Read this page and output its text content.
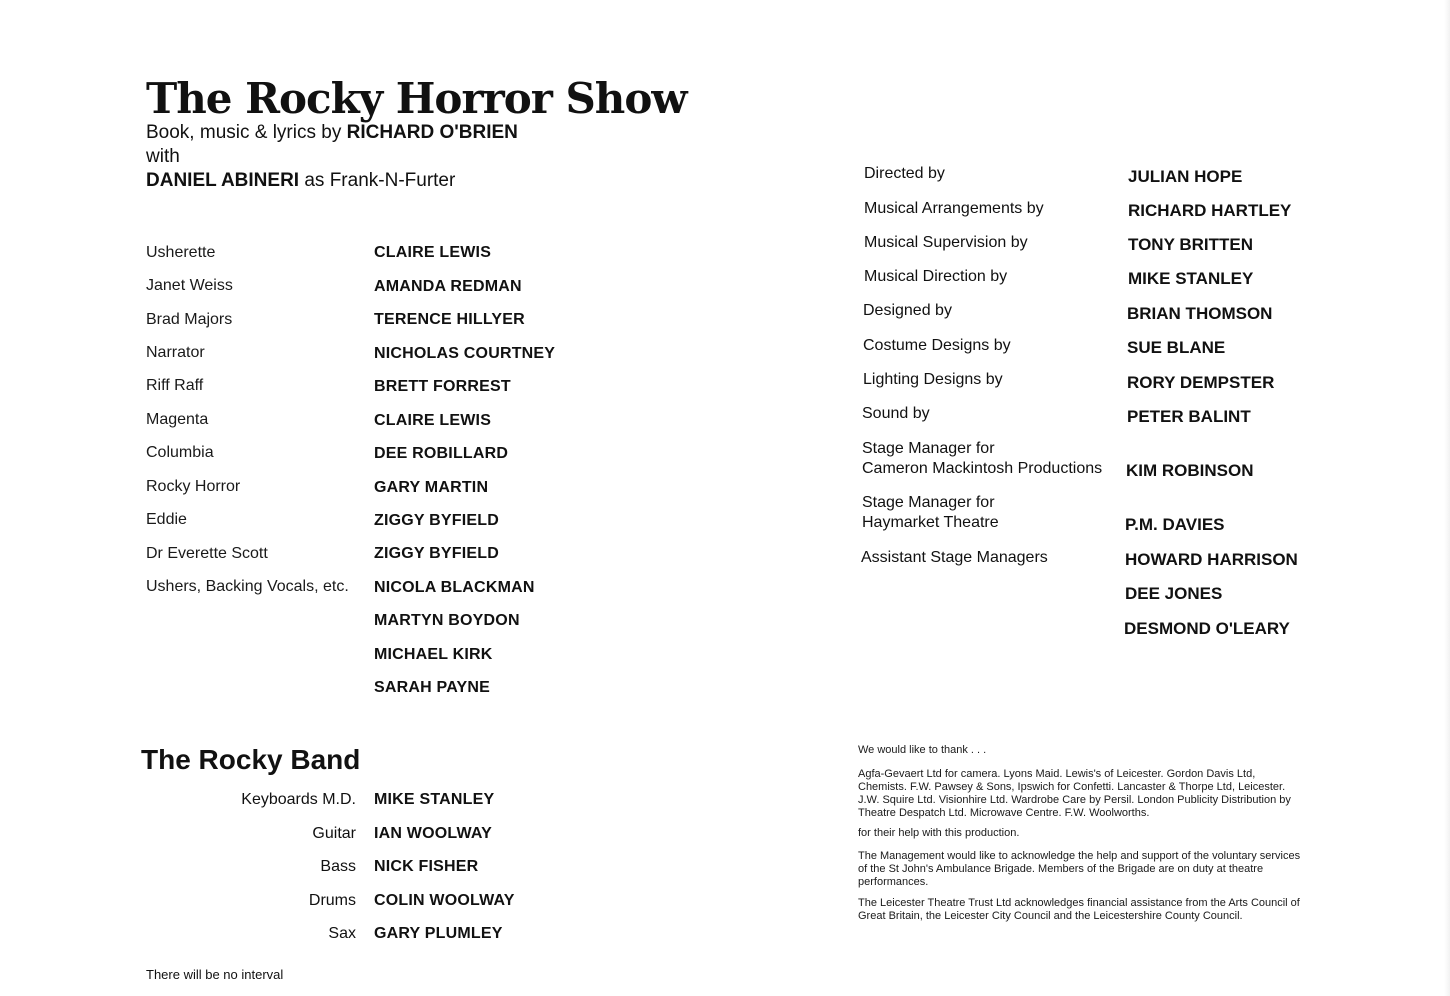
The Rocky Horror Show
Book, music & lyrics by RICHARD O'BRIEN
with
DANIEL ABINERI as Frank-N-Furter
Usherette	CLAIRE LEWIS
Janet Weiss	AMANDA REDMAN
Brad Majors	TERENCE HILLYER
Narrator	NICHOLAS COURTNEY
Riff Raff	BRETT FORREST
Magenta	CLAIRE LEWIS
Columbia	DEE ROBILLARD
Rocky Horror	GARY MARTIN
Eddie	ZIGGY BYFIELD
Dr Everette Scott	ZIGGY BYFIELD
Ushers, Backing Vocals, etc. NICOLA BLACKMAN
MARTYN BOYDON
MICHAEL KIRK
SARAH PAYNE
The Rocky Band
Keyboards M.D. MIKE STANLEY
Guitar IAN WOOLWAY
Bass NICK FISHER
Drums COLIN WOOLWAY
Sax GARY PLUMLEY
There will be no interval
Directed by	JULIAN HOPE
Musical Arrangements by	RICHARD HARTLEY
Musical Supervision by	TONY BRITTEN
Musical Direction by	MIKE STANLEY
Designed by	BRIAN THOMSON
Costume Designs by	SUE BLANE
Lighting Designs by	RORY DEMPSTER
Sound by	PETER BALINT
Stage Manager for
Cameron Mackintosh Productions KIM ROBINSON
Stage Manager for
Haymarket Theatre	P.M. DAVIES
Assistant Stage Managers	HOWARD HARRISON
DEE JONES
DESMOND O'LEARY
We would like to thank . . .
Agfa-Gevaert Ltd for camera. Lyons Maid. Lewis's of Leicester. Gordon Davis Ltd, Chemists. F.W. Pawsey & Sons, Ipswich for Confetti. Lancaster & Thorpe Ltd, Leicester. J.W. Squire Ltd. Visionhire Ltd. Wardrobe Care by Persil. London Publicity Distribution by Theatre Despatch Ltd. Microwave Centre. F.W. Woolworths.
for their help with this production.
The Management would like to acknowledge the help and support of the voluntary services of the St John's Ambulance Brigade. Members of the Brigade are on duty at theatre performances.
The Leicester Theatre Trust Ltd acknowledges financial assistance from the Arts Council of Great Britain, the Leicester City Council and the Leicestershire County Council.
